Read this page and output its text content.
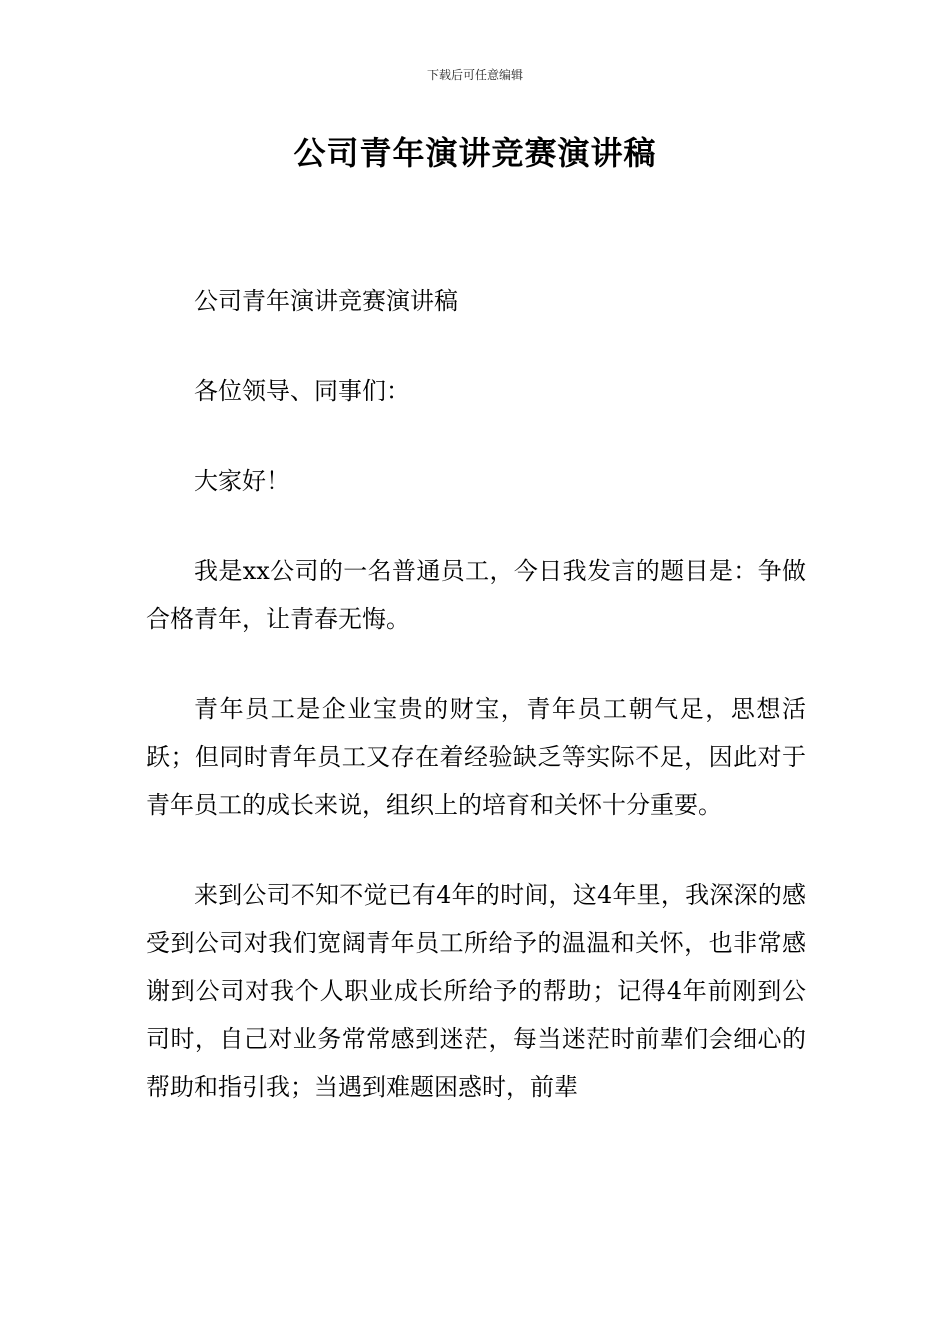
下载后可任意编辑
公司青年演讲竞赛演讲稿

公司青年演讲竞赛演讲稿

各位领导、同事们：

大家好！

我是xx公司的一名普通员工，今日我发言的题目是：争做合格青年，让青春无悔。

青年员工是企业宝贵的财宝，青年员工朝气足，思想活跃；但同时青年员工又存在着经验缺乏等实际不足，因此对于青年员工的成长来说，组织上的培育和关怀十分重要。

来到公司不知不觉已有4年的时间，这4年里，我深深的感受到公司对我们宽阔青年员工所给予的温温和关怀，也非常感谢到公司对我个人职业成长所给予的帮助；记得4年前刚到公司时，自己对业务常常感到迷茫，每当迷茫时前辈们会细心的帮助和指引我；当遇到难题困惑时，前辈
